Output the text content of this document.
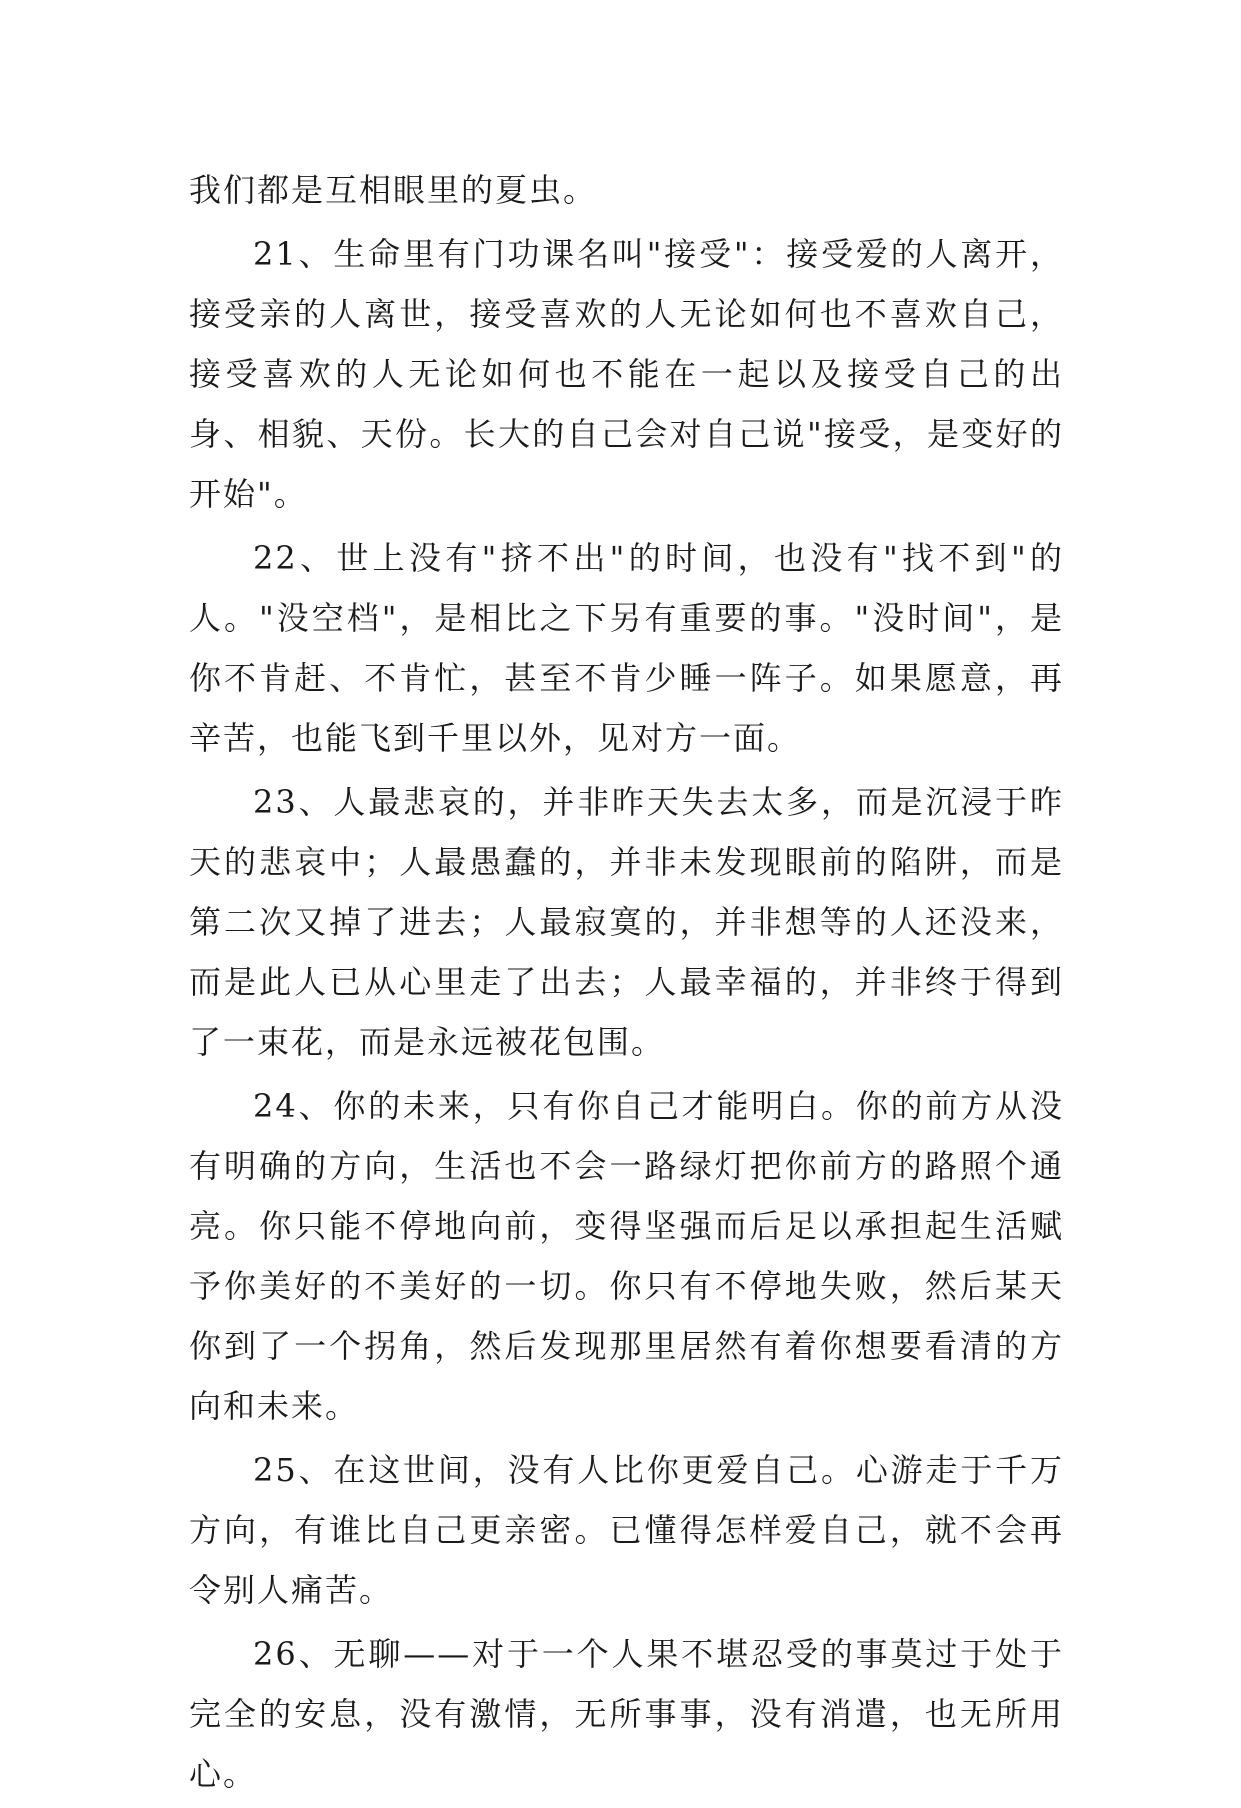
我们都是互相眼里的夏虫。

21、生命里有门功课名叫"接受"：接受爱的人离开，接受亲的人离世，接受喜欢的人无论如何也不喜欢自己，接受喜欢的人无论如何也不能在一起以及接受自己的出身、相貌、天份。长大的自己会对自己说"接受，是变好的开始"。

22、世上没有"挤不出"的时间，也没有"找不到"的人。"没空档"，是相比之下另有重要的事。"没时间"，是你不肯赶、不肯忙，甚至不肯少睡一阵子。如果愿意，再辛苦，也能飞到千里以外，见对方一面。

23、人最悲哀的，并非昨天失去太多，而是沉浸于昨天的悲哀中；人最愚蠢的，并非未发现眼前的陷阱，而是第二次又掉了进去；人最寂寞的，并非想等的人还没来，而是此人已从心里走了出去；人最幸福的，并非终于得到了一束花，而是永远被花包围。

24、你的未来，只有你自己才能明白。你的前方从没有明确的方向，生活也不会一路绿灯把你前方的路照个通亮。你只能不停地向前，变得坚强而后足以承担起生活赋予你美好的不美好的一切。你只有不停地失败，然后某天你到了一个拐角，然后发现那里居然有着你想要看清的方向和未来。

25、在这世间，没有人比你更爱自己。心游走于千万方向，有谁比自己更亲密。已懂得怎样爱自己，就不会再令别人痛苦。

26、无聊——对于一个人果不堪忍受的事莫过于处于完全的安息，没有激情，无所事事，没有消遣，也无所用心。
